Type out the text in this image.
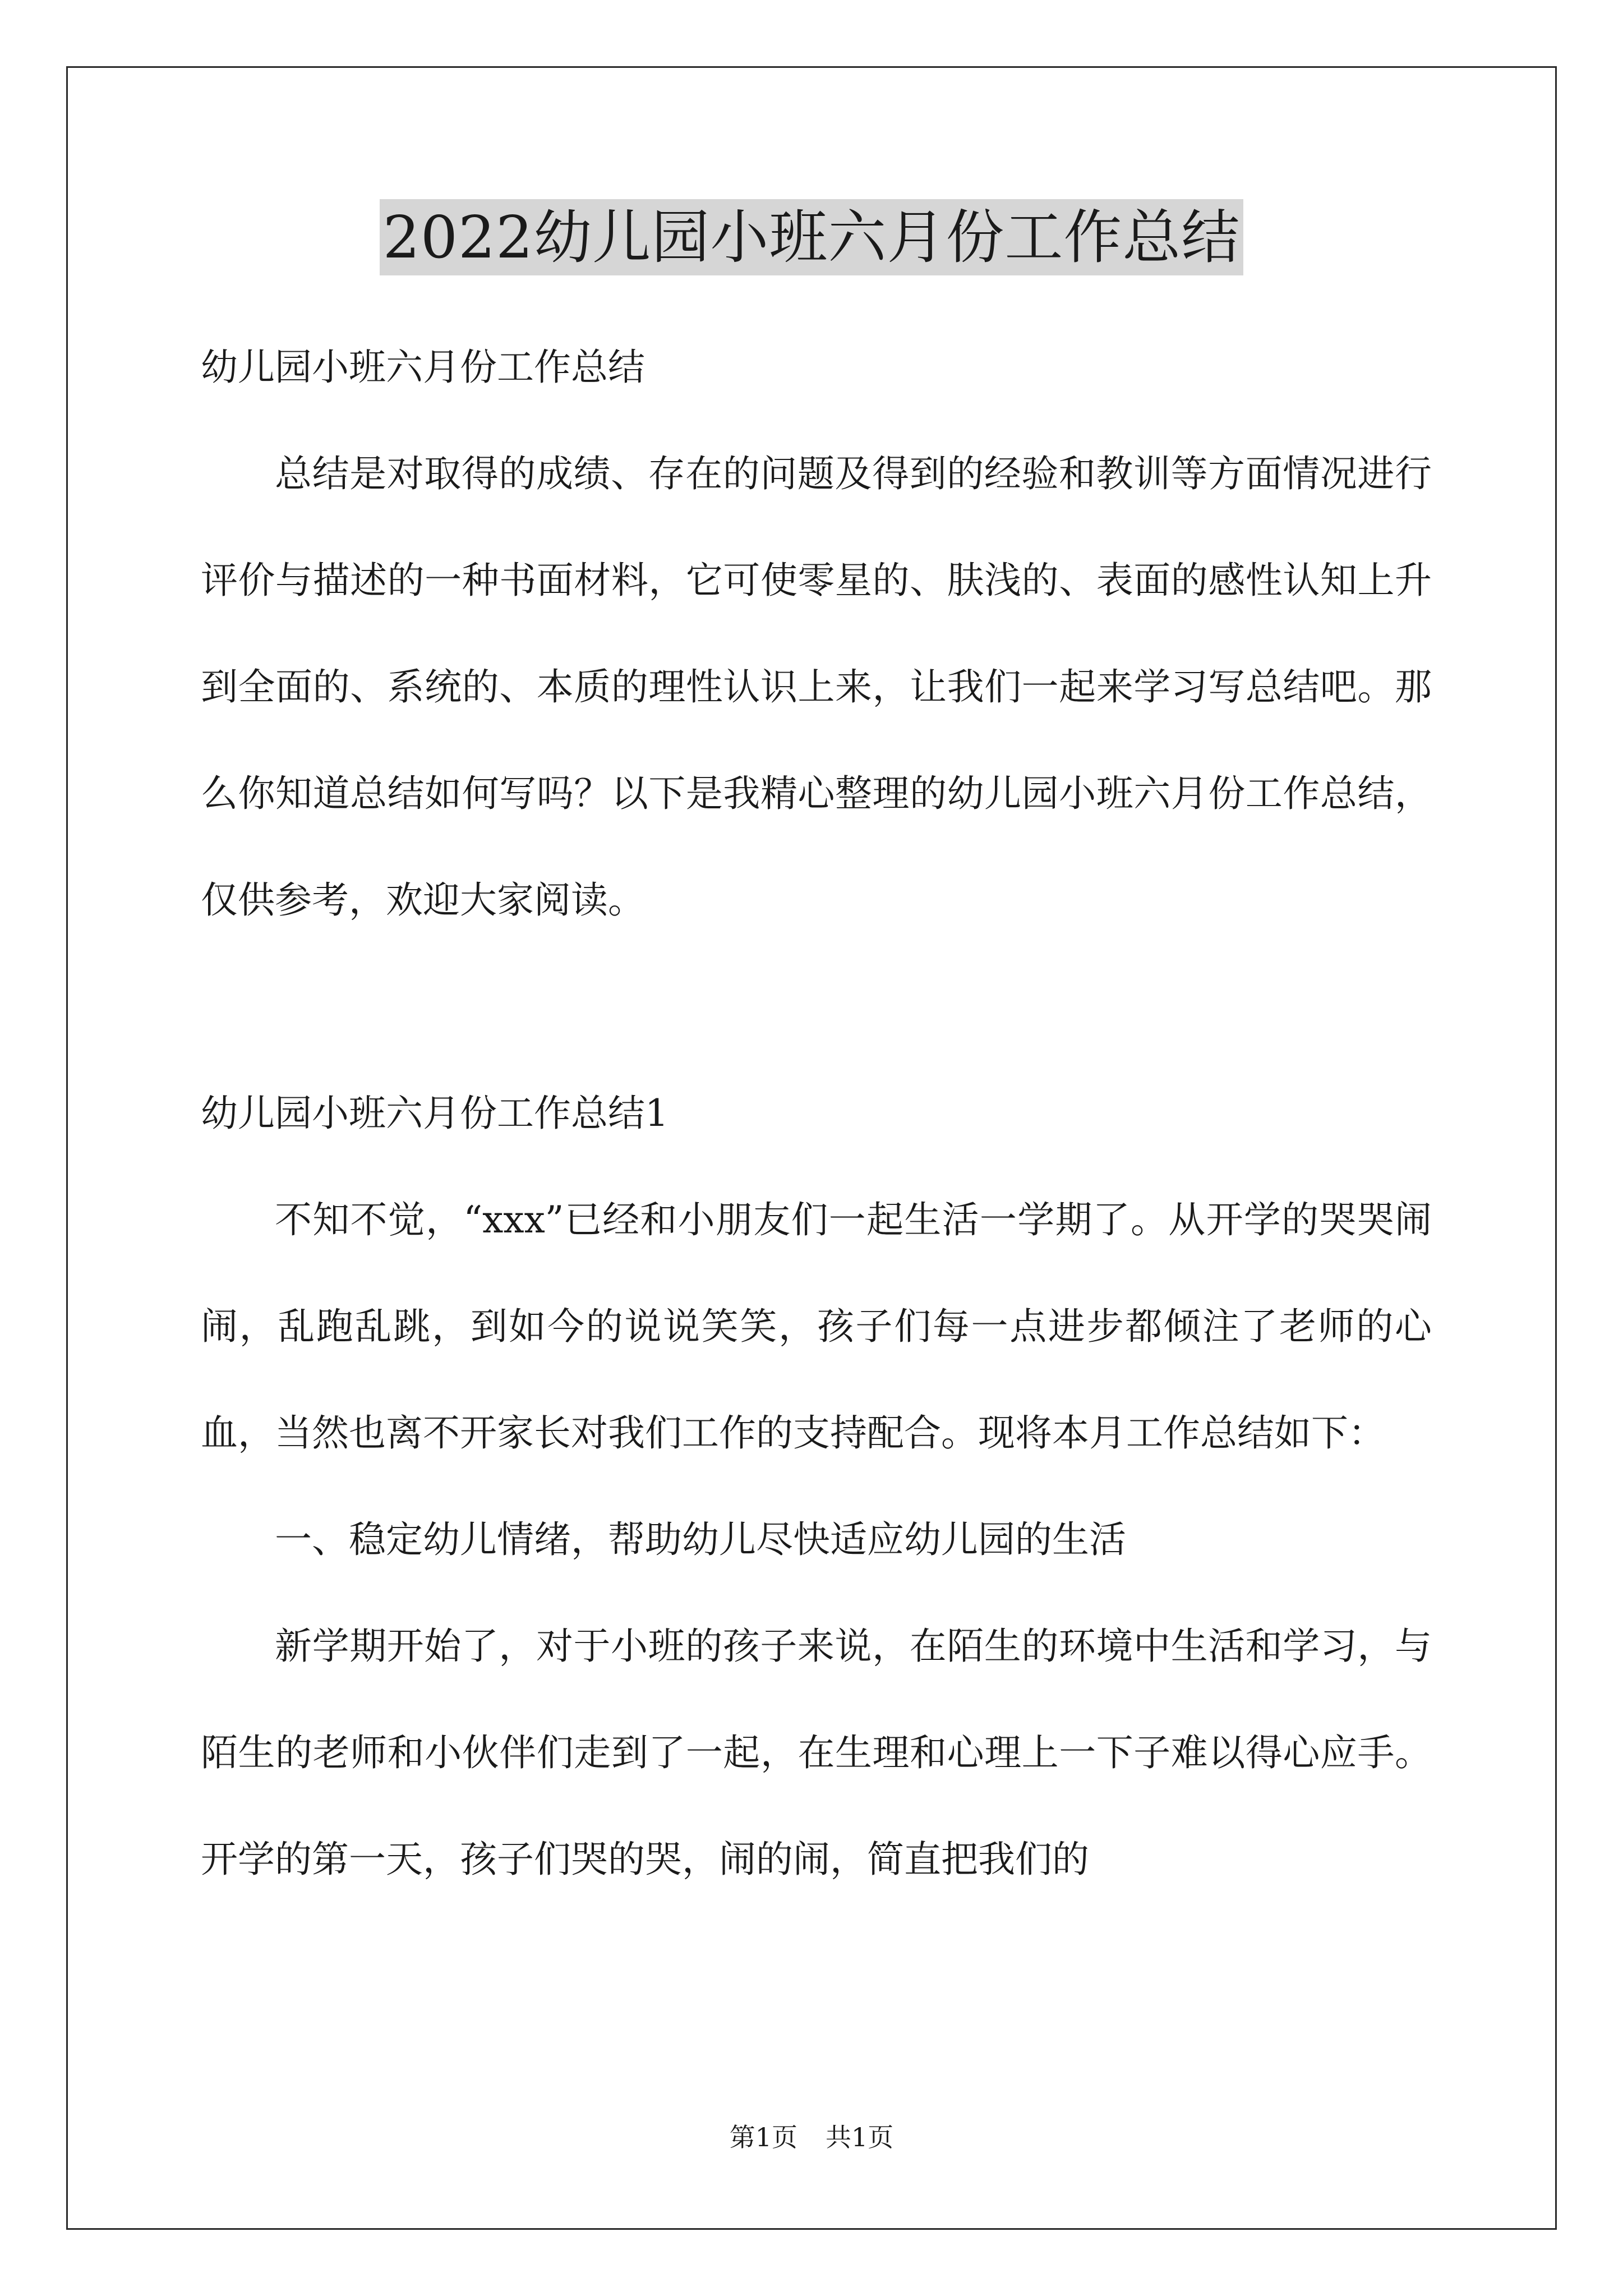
2022幼儿园小班六月份工作总结

幼儿园小班六月份工作总结

总结是对取得的成绩、存在的问题及得到的经验和教训等方面情况进行评价与描述的一种书面材料，它可使零星的、肤浅的、表面的感性认知上升到全面的、系统的、本质的理性认识上来，让我们一起来学习写总结吧。那么你知道总结如何写吗？以下是我精心整理的幼儿园小班六月份工作总结，仅供参考，欢迎大家阅读。

幼儿园小班六月份工作总结1

不知不觉，“xxx”已经和小朋友们一起生活一学期了。从开学的哭哭闹闹，乱跑乱跳，到如今的说说笑笑，孩子们每一点进步都倾注了老师的心血，当然也离不开家长对我们工作的支持配合。现将本月工作总结如下：

一、稳定幼儿情绪，帮助幼儿尽快适应幼儿园的生活

新学期开始了，对于小班的孩子来说，在陌生的环境中生活和学习，与陌生的老师和小伙伴们走到了一起，在生理和心理上一下子难以得心应手。开学的第一天，孩子们哭的哭，闹的闹，简直把我们的

第1页 共1页
